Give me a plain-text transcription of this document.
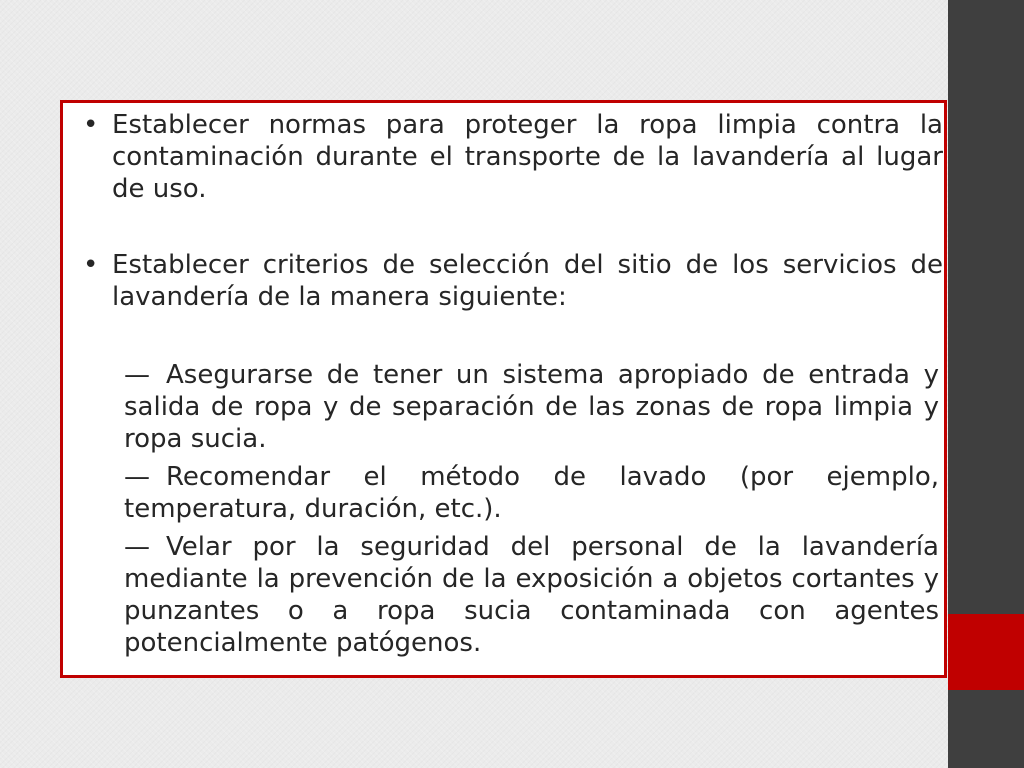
• Establecer normas para proteger la ropa limpia contra la contaminación durante el transporte de la lavandería al lugar de uso.

• Establecer criterios de selección del sitio de los servicios de lavandería de la manera siguiente:

— Asegurarse de tener un sistema apropiado de entrada y salida de ropa y de separación de las zonas de ropa limpia y ropa sucia.

— Recomendar el método de lavado (por ejemplo, temperatura, duración, etc.).

— Velar por la seguridad del personal de la lavandería mediante la prevención de la exposición a objetos cortantes y punzantes o a ropa sucia contaminada con agentes potencialmente patógenos.
